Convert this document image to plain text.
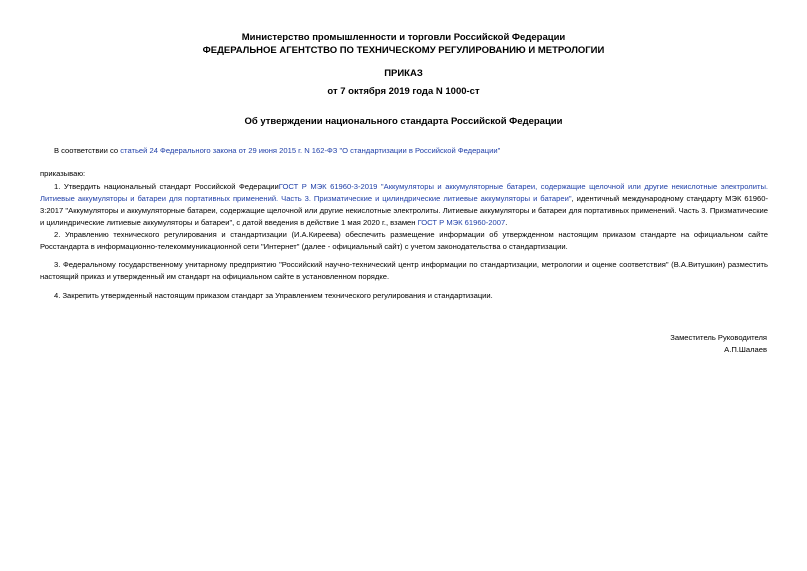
Министерство промышленности и торговли Российской Федерации
ФЕДЕРАЛЬНОЕ АГЕНТСТВО ПО ТЕХНИЧЕСКОМУ РЕГУЛИРОВАНИЮ И МЕТРОЛОГИИ
ПРИКАЗ
от 7 октября 2019 года N 1000-ст
Об утверждении национального стандарта Российской Федерации
В соответствии со статьей 24 Федерального закона от 29 июня 2015 г. N 162-ФЗ "О стандартизации в Российской Федерации"
приказываю:
1. Утвердить национальный стандарт Российской ФедерацииГОСТ Р МЭК 61960-3-2019 "Аккумуляторы и аккумуляторные батареи, содержащие щелочной или другие некислотные электролиты. Литиевые аккумуляторы и батареи для портативных применений. Часть 3. Призматические и цилиндрические литиевые аккумуляторы и батареи", идентичный международному стандарту МЭК 61960-3:2017 "Аккумуляторы и аккумуляторные батареи, содержащие щелочной или другие некислотные электролиты. Литиевые аккумуляторы и батареи для портативных применений. Часть 3. Призматические и цилиндрические литиевые аккумуляторы и батареи", с датой введения в действие 1 мая 2020 г., взамен ГОСТ Р МЭК 61960-2007.
2. Управлению технического регулирования и стандартизации (И.А.Киреева) обеспечить размещение информации об утвержденном настоящим приказом стандарте на официальном сайте Росстандарта в информационно-телекоммуникационной сети "Интернет" (далее - официальный сайт) с учетом законодательства о стандартизации.
3. Федеральному государственному унитарному предприятию "Российский научно-технический центр информации по стандартизации, метрологии и оценке соответствия" (В.А.Витушкин) разместить настоящий приказ и утвержденный им стандарт на официальном сайте в установленном порядке.
4. Закрепить утвержденный настоящим приказом стандарт за Управлением технического регулирования и стандартизации.
Заместитель Руководителя
А.П.Шалаев
